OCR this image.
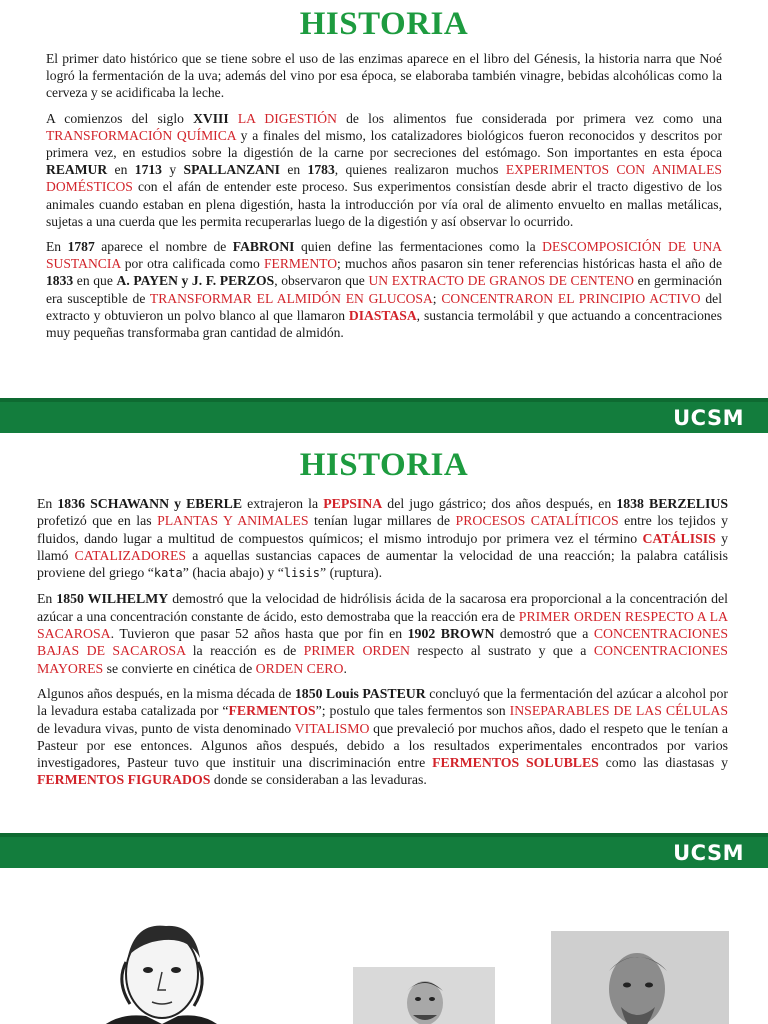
HISTORIA

El primer dato histórico que se tiene sobre el uso de las enzimas aparece en el libro del Génesis, la historia narra que Noé logró la fermentación de la uva; además del vino por esa época, se elaboraba también vinagre, bebidas alcohólicas como la cerveza y se acidificaba la leche.

A comienzos del siglo XVIII LA DIGESTIÓN de los alimentos fue considerada por primera vez como una TRANSFORMACIÓN QUÍMICA y a finales del mismo, los catalizadores biológicos fueron reconocidos y descritos por primera vez, en estudios sobre la digestión de la carne por secreciones del estómago. Son importantes en esta época REAMUR en 1713 y SPALLANZANI en 1783, quienes realizaron muchos EXPERIMENTOS CON ANIMALES DOMÉSTICOS con el afán de entender este proceso. Sus experimentos consistían desde abrir el tracto digestivo de los animales cuando estaban en plena digestión, hasta la introducción por vía oral de alimento envuelto en mallas metálicas, sujetas a una cuerda que les permita recuperarlas luego de la digestión y así observar lo ocurrido.

En 1787 aparece el nombre de FABRONI quien define las fermentaciones como la DESCOMPOSICIÓN DE UNA SUSTANCIA por otra calificada como FERMENTO; muchos años pasaron sin tener referencias históricas hasta el año de 1833 en que A. PAYEN y J. F. PERZOS, observaron que UN EXTRACTO DE GRANOS DE CENTENO en germinación era susceptible de TRANSFORMAR EL ALMIDÓN EN GLUCOSA; CONCENTRARON EL PRINCIPIO ACTIVO del extracto y obtuvieron un polvo blanco al que llamaron DIASTASA, sustancia termolábil y que actuando a concentraciones muy pequeñas transformaba gran cantidad de almidón.

UCSM
HISTORIA

En 1836 SCHAWANN y EBERLE extrajeron la PEPSINA del jugo gástrico; dos años después, en 1838 BERZELIUS profetizó que en las PLANTAS Y ANIMALES tenían lugar millares de PROCESOS CATALÍTICOS entre los tejidos y fluidos, dando lugar a multitud de compuestos químicos; el mismo introdujo por primera vez el término CATÁLISIS y llamó CATALIZADORES a aquellas sustancias capaces de aumentar la velocidad de una reacción; la palabra catálisis proviene del griego “kata” (hacia abajo) y “lisis” (ruptura).

En 1850 WILHELMY demostró que la velocidad de hidrólisis ácida de la sacarosa era proporcional a la concentración del azúcar a una concentración constante de ácido, esto demostraba que la reacción era de PRIMER ORDEN RESPECTO A LA SACAROSA. Tuvieron que pasar 52 años hasta que por fin en 1902 BROWN demostró que a CONCENTRACIONES BAJAS DE SACAROSA la reacción es de PRIMER ORDEN respecto al sustrato y que a CONCENTRACIONES MAYORES se convierte en cinética de ORDEN CERO.

Algunos años después, en la misma década de 1850 Louis PASTEUR concluyó que la fermentación del azúcar a alcohol por la levadura estaba catalizada por “FERMENTOS”; postulo que tales fermentos son INSEPARABLES DE LAS CÉLULAS de levadura vivas, punto de vista denominado VITALISMO que prevaleció por muchos años, dado el respeto que le tenían a Pasteur por ese entonces. Algunos años después, debido a los resultados experimentales encontrados por varios investigadores, Pasteur tuvo que instituir una discriminación entre FERMENTOS SOLUBLES como las diastasas y FERMENTOS FIGURADOS donde se consideraban a las levaduras.

UCSM
